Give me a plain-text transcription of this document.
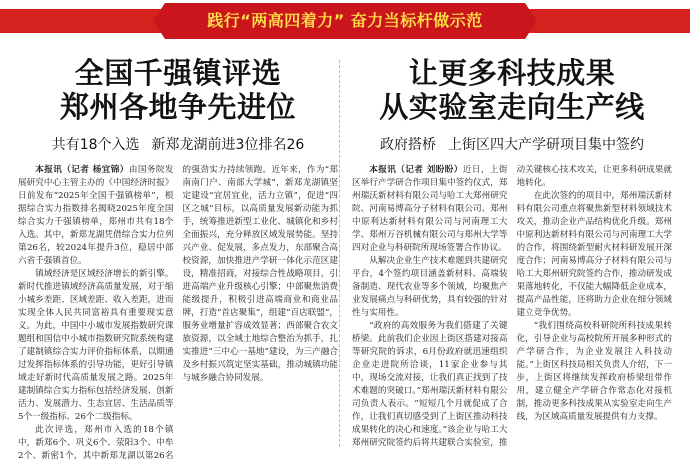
践行“两高四着力” 奋力当标杆做示范
全国千强镇评选
郑州各地争先进位
共有18个入选 新郑龙湖前进3位排名26

本报讯（记者 杨宜锦）由国务院发展研究中心主管主办的《中国经济时报》日前发布“2025年全国千强镇榜单”，根据综合实力指数排名揭晓2025年度全国综合实力千强镇榜单，郑州市共有18个入选。其中，新郑龙湖凭借综合实力位列第26名，较2024年提升3位，稳居中部六省千强镇首位。

镇域经济是区域经济增长的新引擎。新时代推进镇域经济高质量发展，对于缩小城乡差距、区域差距、收入差距，进而实现全体人民共同富裕具有重要现实意义。为此，中国中小城市发展指数研究课题组和国信中小城市指数研究院系统构建了建制镇综合实力评价指标体系，以期通过发挥指标体系的引导功能，更好引导镇域走好新时代高质量发展之路。2025年建制镇综合实力指标包括经济发展、创新活力、发展潜力、生态宜居、生活品质等5个一级指标、26个二级指标。

此次评选，郑州市入选的18个镇中，新郑6个、巩义6个、荥阳3个、中牟2个、新密1个，其中新郑龙湖以第26名的强劲实力持续领跑。近年来，作为“郑南南门户、南部大学城”，新郑龙湖镇坚定建设“宜居宜业，活力立镇”，促进“四区之城”目标，以高质量发展新动能为抓手，统筹推进新型工业化、城镇化和乡村全面振兴，充分释放区域发展势能。坚持兴产业、促发展，多点发力，东部聚合高校资源，加快推进产学研一体化示范区建设，精准招商，对接综合性战略项目，引进高端产业升级核心引擎；中部聚焦消费能级提升，积极引进高端商业和商业品牌，打造“首店聚集”，组建“百店联盟”，服务业增量扩容成效显著；西部聚合农文旅资源，以全域土地综合整治为抓手，扎实推进“三中心一基地”建设，为三产融合及乡村振兴筑定坚实基础，推动城镇功能与城乡融合协同发展。

让更多科技成果
从实验室走向生产线
政府搭桥 上街区四大产学研项目集中签约

本报讯（记者 刘盼盼）近日，上街区举行产学研合作项目集中签约仪式，郑州瑞沃新材料有限公司与哈工大郑州研究院、河南易博高分子材料有限公司、郑州中原利达新材料有限公司与河南理工大学、郑州万谷机械有限公司与郑州大学等四对企业与科研院所现场签署合作协议。

从解决企业生产技术难题到共建研究平台，4个签约项目涵盖新材料、高端装备制造、现代农业等多个领域，均聚焦产业发展痛点与科研优势，具有较强的针对性与实用性。

“政府的高效服务为我们搭建了关键桥梁。此前我们企业因上街区搭建对接高等研究院的诉求，6月份政府就迅速组织企业走进院所洽谈，11家企业参与其中，现场交流对接，让我们真正找到了技术难题的突破口。”郑州瑞沃新材料有限公司负责人表示。“短短几个月就促成了合作，让我们真切感受到了上街区推动科技成果转化的决心和速度。”该企业与哈工大郑州研究院签约后将共建联合实验室，推动关键核心技术攻关，让更多科研成果就地转化。

在此次签约的项目中，郑州瑞沃新材料有限公司重点将聚焦新型材料领域技术攻关，推动企业产品结构优化升级。郑州中原利达新材料有限公司与河南理工大学的合作，将围绕新型耐火材料研发展开深度合作；河南易博高分子材料有限公司与哈工大郑州研究院签约合作，推动研发成果落地转化，不仅能大幅降低企业成本，提高产品性能，还将助力企业在细分领域建立竞争优势。

“我们围绕高校科研院所科技成果转化，引导企业与高校院所开展多种形式的产学研合作，为企业发展注入科技动能。”上街区科技局相关负责人介绍，下一步，上街区将继续发挥政府桥梁纽带作用，建立健全产学研合作常态化对接机制，推动更多科技成果从实验室走向生产线，为区域高质量发展提供有力支撑。
